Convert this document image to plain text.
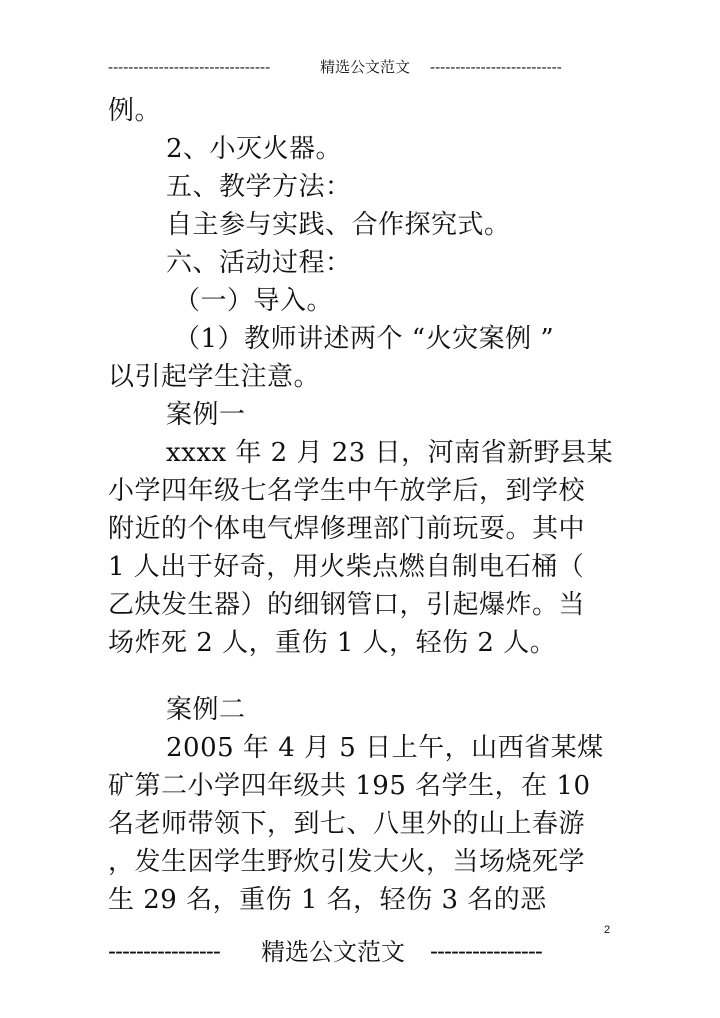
--------------------------------	精选公文范文 --------------------------
例。
2、小灭火器。
五、教学方法：
自主参与实践、合作探究式。
六、活动过程：
（一）导入。
（1）教师讲述两个 “火灾案例 ”
以引起学生注意。
案例一
xxxx 年 2 月 23 日，河南省新野县某
小学四年级七名学生中午放学后，到学校
附近的个体电气焊修理部门前玩耍。其中
1 人出于好奇，用火柴点燃自制电石桶（
乙炔发生器）的细钢管口，引起爆炸。当
场炸死 2 人，重伤 1 人，轻伤 2 人。
案例二
2005 年 4 月 5 日上午，山西省某煤
矿第二小学四年级共 195 名学生，在 10
名老师带领下，到七、八里外的山上春游
，发生因学生野炊引发大火，当场烧死学
生 29 名，重伤 1 名，轻伤 3 名的恶
2
---------------- 精选公文范文 ----------------
